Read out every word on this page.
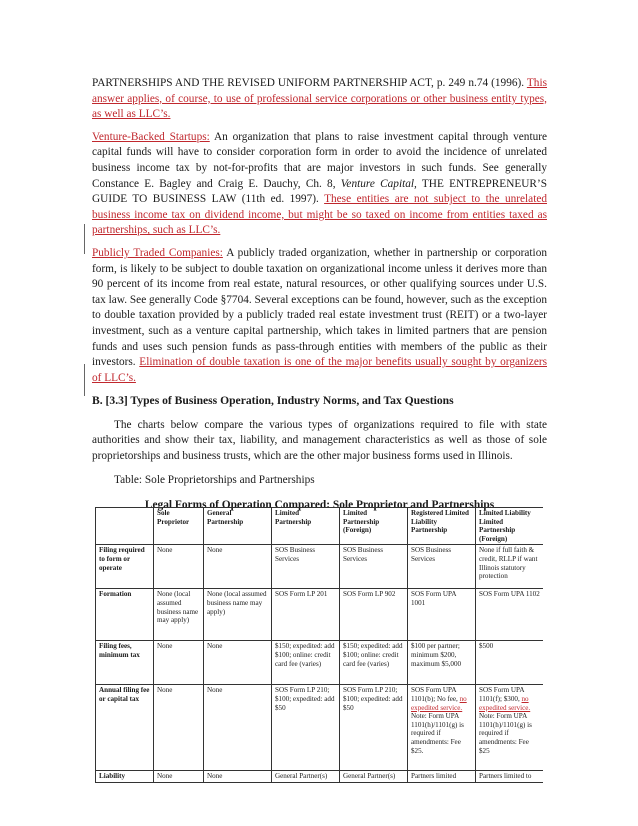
PARTNERSHIPS AND THE REVISED UNIFORM PARTNERSHIP ACT, p. 249 n.74 (1996). This answer applies, of course, to use of professional service corporations or other business entity types, as well as LLC’s.

Venture-Backed Startups: An organization that plans to raise investment capital through venture capital funds will have to consider corporation form in order to avoid the incidence of unrelated business income tax by not-for-profits that are major investors in such funds. See generally Constance E. Bagley and Craig E. Dauchy, Ch. 8, Venture Capital, THE ENTREPRENEUR’S GUIDE TO BUSINESS LAW (11th ed. 1997). These entities are not subject to the unrelated business income tax on dividend income, but might be so taxed on income from entities taxed as partnerships, such as LLC’s.

Publicly Traded Companies: A publicly traded organization, whether in partnership or corporation form, is likely to be subject to double taxation on organizational income unless it derives more than 90 percent of its income from real estate, natural resources, or other qualifying sources under U.S. tax law. See generally Code §7704. Several exceptions can be found, however, such as the exception to double taxation provided by a publicly traded real estate investment trust (REIT) or a two-layer investment, such as a venture capital partnership, which takes in limited partners that are pension funds and uses such pension funds as pass-through entities with members of the public as their investors. Elimination of double taxation is one of the major benefits usually sought by organizers of LLC’s.

B. [3.3] Types of Business Operation, Industry Norms, and Tax Questions

The charts below compare the various types of organizations required to file with state authorities and show their tax, liability, and management characteristics as well as those of sole proprietorships and business trusts, which are the other major business forms used in Illinois.

Table: Sole Proprietorships and Partnerships

Legal Forms of Operation Compared: Sole Proprietor and Partnerships

	Sole Proprietor	General Partnership	Limited Partnership	Limited Partnership (Foreign)	Registered Limited Liability Partnership	Limited Liability Limited Partnership (Foreign)
Filing required to form or operate	None	None	SOS Business Services	SOS Business Services	SOS Business Services	None if full faith & credit, RLLP if want Illinois statutory protection
Formation	None (local assumed business name may apply)	None (local assumed business name may apply)	SOS Form LP 201	SOS Form LP 902	SOS Form UPA 1001	SOS Form UPA 1102
Filing fees, minimum tax	None	None	$150; expedited: add $100; online: credit card fee (varies)	$150; expedited: add $100; online: credit card fee (varies)	$100 per partner; minimum $200, maximum $5,000	$500
Annual filing fee or capital tax	None	None	SOS Form LP 210; $100; expedited: add $50	SOS Form LP 210; $100; expedited: add $50	SOS Form UPA 1101(b); No fee, no expedited service. Note: Form UPA 1101(h)/1101(g) is required if amendments: Fee $25.	SOS Form UPA 1101(f); $300, no expedited service. Note: Form UPA 1101(h)/1101(g) is required if amendments: Fee $25
Liability	None	None	General Partner(s)	General Partner(s)	Partners limited	Partners limited to
